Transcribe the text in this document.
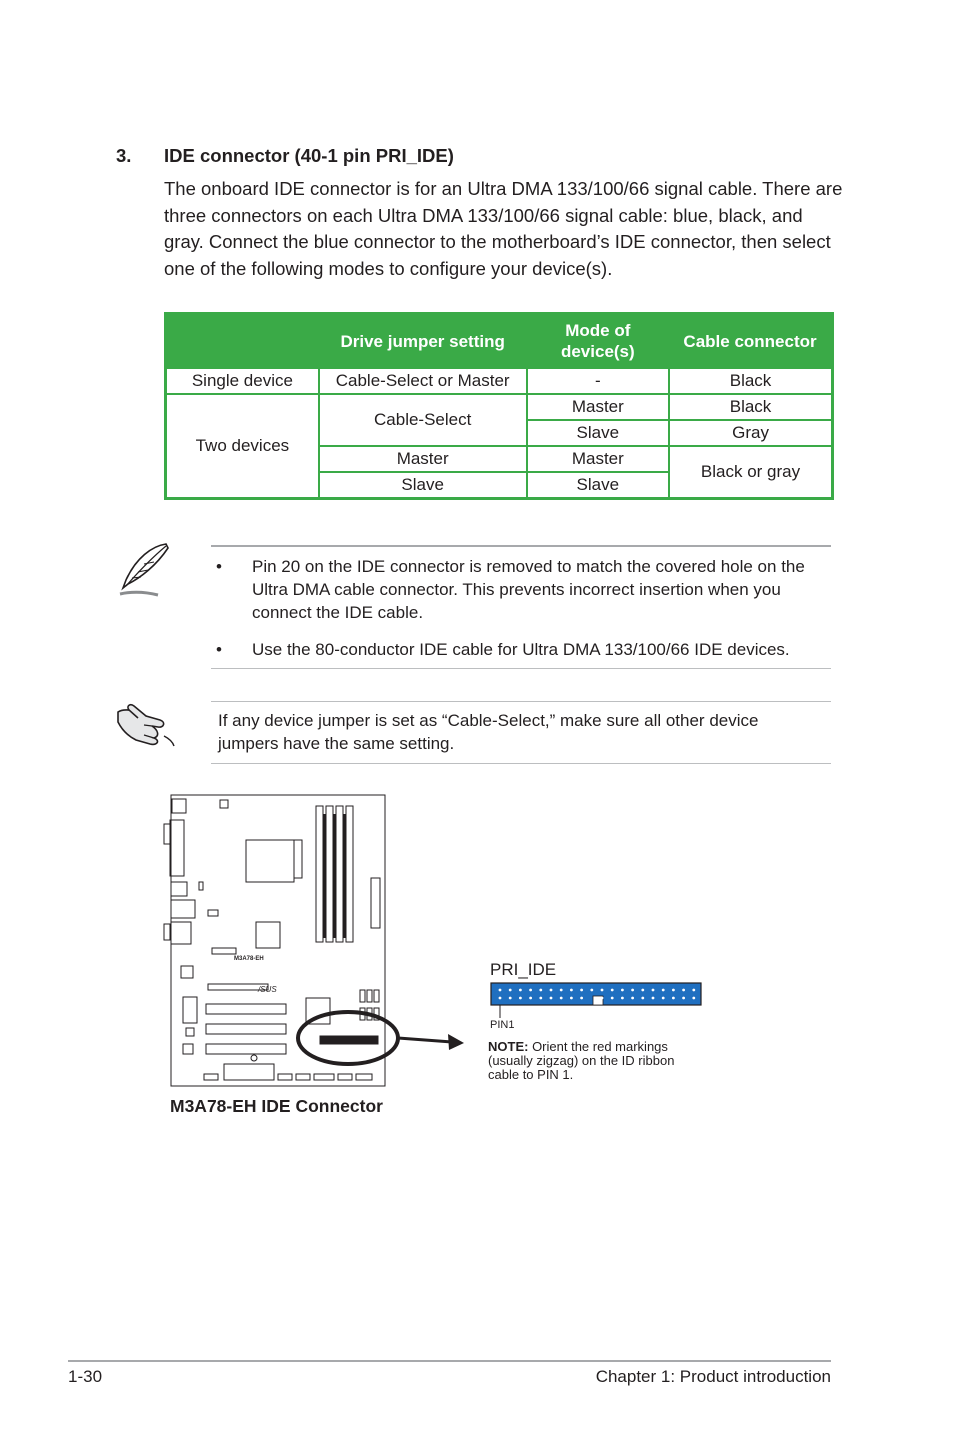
3. IDE connector (40-1 pin PRI_IDE)

The onboard IDE connector is for an Ultra DMA 133/100/66 signal cable. There are three connectors on each Ultra DMA 133/100/66 signal cable: blue, black, and gray. Connect the blue connector to the motherboard’s IDE connector, then select one of the following modes to configure your device(s).

	Drive jumper setting	Mode of device(s)	Cable connector
Single device	Cable-Select or Master	-	Black
Two devices	Cable-Select	Master	Black
		Slave	Gray
	Master	Master	Black or gray
	Slave	Slave	
• Pin 20 on the IDE connector is removed to match the covered hole on the Ultra DMA cable connector. This prevents incorrect insertion when you connect the IDE cable.
• Use the 80-conductor IDE cable for Ultra DMA 133/100/66 IDE devices.
If any device jumper is set as “Cable-Select,” make sure all other device jumpers have the same setting.
M3A78-EH
/SUS
PRI_IDE
PIN1
NOTE: Orient the red markings (usually zigzag) on the ID ribbon cable to PIN 1.
M3A78-EH IDE Connector
1-30	Chapter 1: Product introduction
